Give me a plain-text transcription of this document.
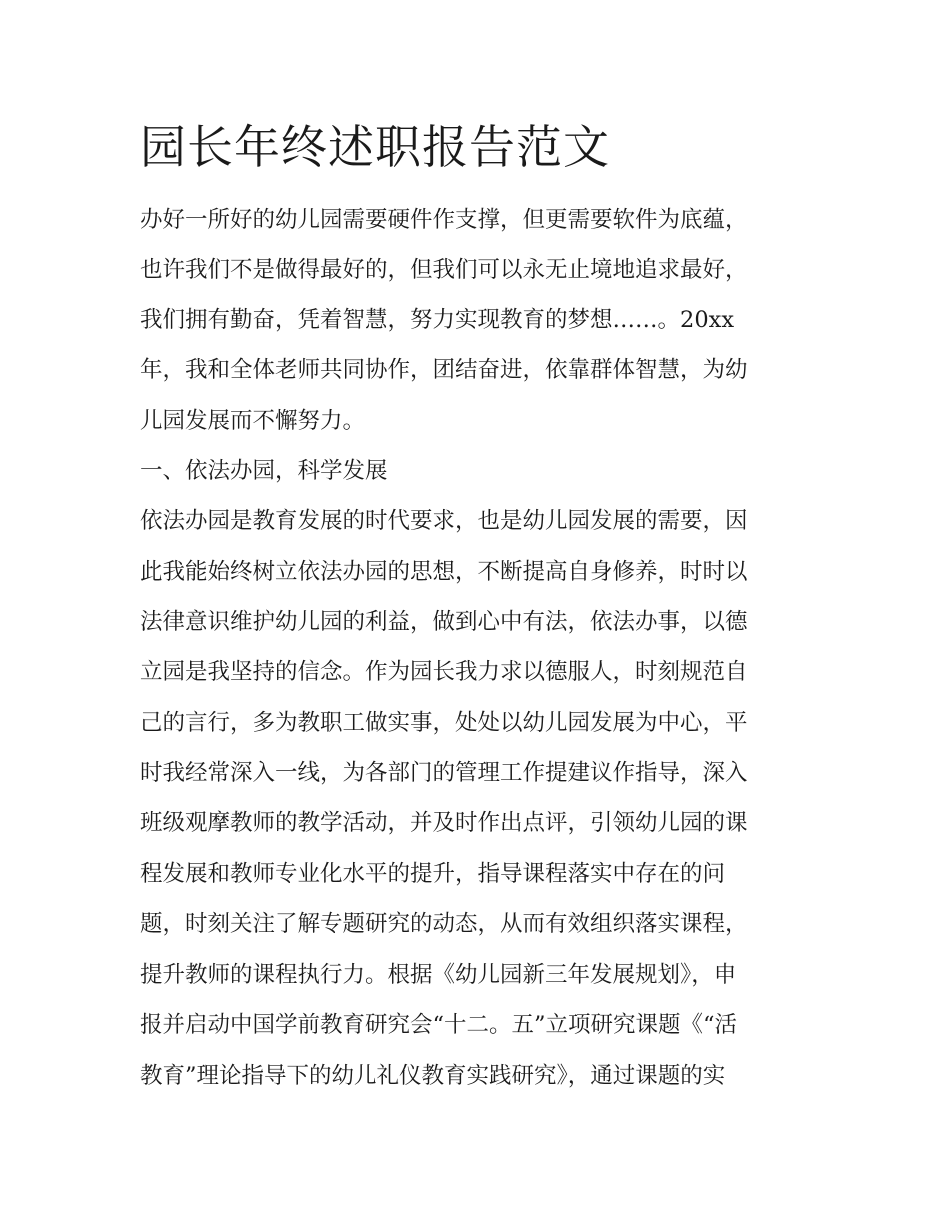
园长年终述职报告范文

办好一所好的幼儿园需要硬件作支撑，但更需要软件为底蕴，

也许我们不是做得最好的，但我们可以永无止境地追求最好，

我们拥有勤奋，凭着智慧，努力实现教育的梦想……。20xx

年，我和全体老师共同协作，团结奋进，依靠群体智慧，为幼

儿园发展而不懈努力。

一、依法办园，科学发展

依法办园是教育发展的时代要求，也是幼儿园发展的需要，因

此我能始终树立依法办园的思想，不断提高自身修养，时时以

法律意识维护幼儿园的利益，做到心中有法，依法办事，以德

立园是我坚持的信念。作为园长我力求以德服人，时刻规范自

己的言行，多为教职工做实事，处处以幼儿园发展为中心，平

时我经常深入一线，为各部门的管理工作提建议作指导，深入

班级观摩教师的教学活动，并及时作出点评，引领幼儿园的课

程发展和教师专业化水平的提升，指导课程落实中存在的问

题，时刻关注了解专题研究的动态，从而有效组织落实课程，

提升教师的课程执行力。根据《幼儿园新三年发展规划》，申

报并启动中国学前教育研究会“十二。五”立项研究课题《“活

教育”理论指导下的幼儿礼仪教育实践研究》，通过课题的实
